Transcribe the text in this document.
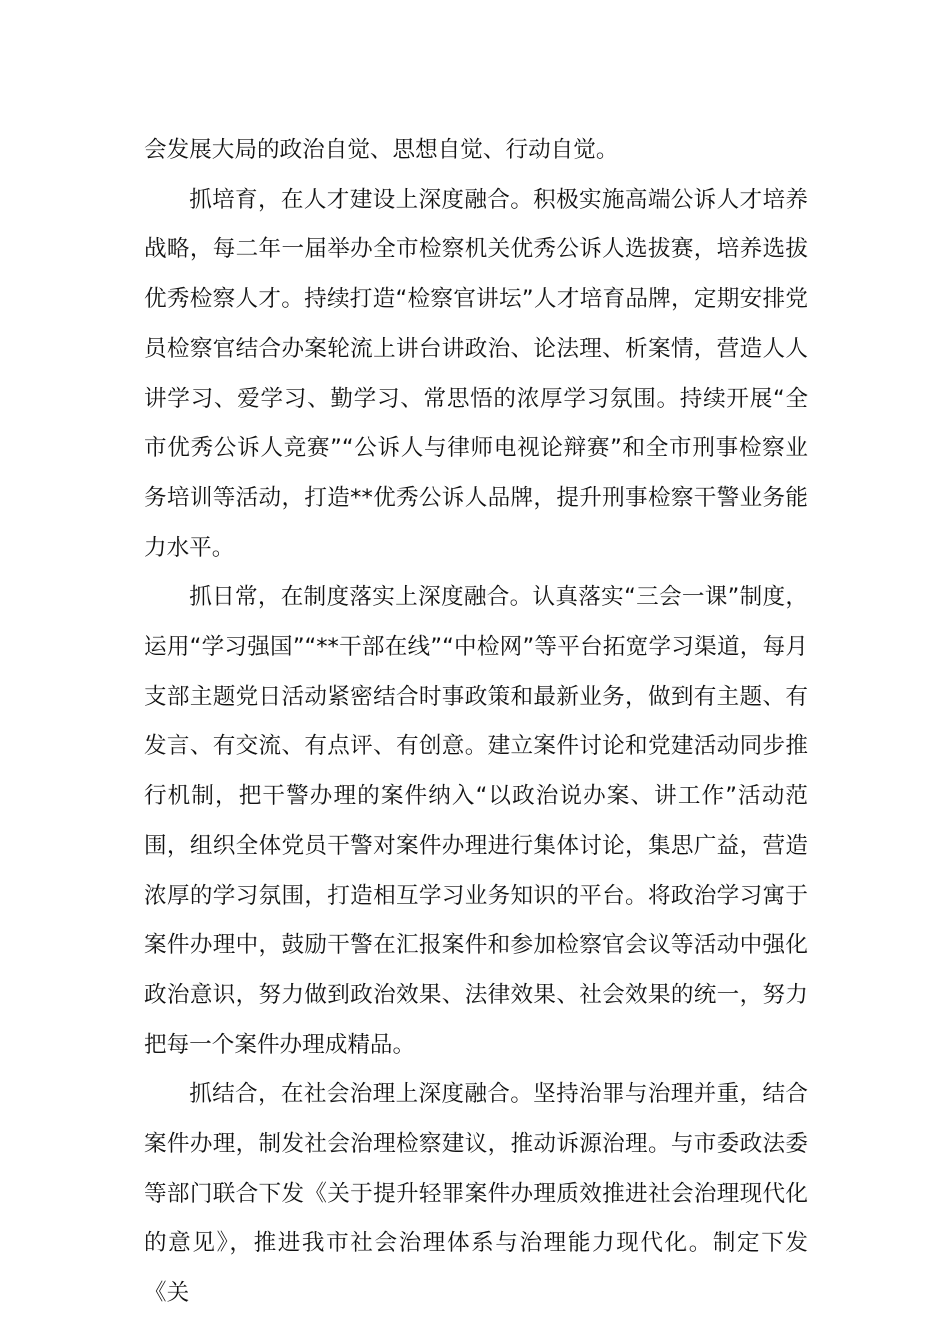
会发展大局的政治自觉、思想自觉、行动自觉。

抓培育，在人才建设上深度融合。积极实施高端公诉人才培养战略，每二年一届举办全市检察机关优秀公诉人选拔赛，培养选拔优秀检察人才。持续打造“检察官讲坛”人才培育品牌，定期安排党员检察官结合办案轮流上讲台讲政治、论法理、析案情，营造人人讲学习、爱学习、勤学习、常思悟的浓厚学习氛围。持续开展“全市优秀公诉人竞赛”“公诉人与律师电视论辩赛”和全市刑事检察业务培训等活动，打造**优秀公诉人品牌，提升刑事检察干警业务能力水平。

抓日常，在制度落实上深度融合。认真落实“三会一课”制度，运用“学习强国”“**干部在线”“中检网”等平台拓宽学习渠道，每月支部主题党日活动紧密结合时事政策和最新业务，做到有主题、有发言、有交流、有点评、有创意。建立案件讨论和党建活动同步推行机制，把干警办理的案件纳入“以政治说办案、讲工作”活动范围，组织全体党员干警对案件办理进行集体讨论，集思广益，营造浓厚的学习氛围，打造相互学习业务知识的平台。将政治学习寓于案件办理中，鼓励干警在汇报案件和参加检察官会议等活动中强化政治意识，努力做到政治效果、法律效果、社会效果的统一，努力把每一个案件办理成精品。

抓结合，在社会治理上深度融合。坚持治罪与治理并重，结合案件办理，制发社会治理检察建议，推动诉源治理。与市委政法委等部门联合下发《关于提升轻罪案件办理质效推进社会治理现代化的意见》，推进我市社会治理体系与治理能力现代化。制定下发《关
